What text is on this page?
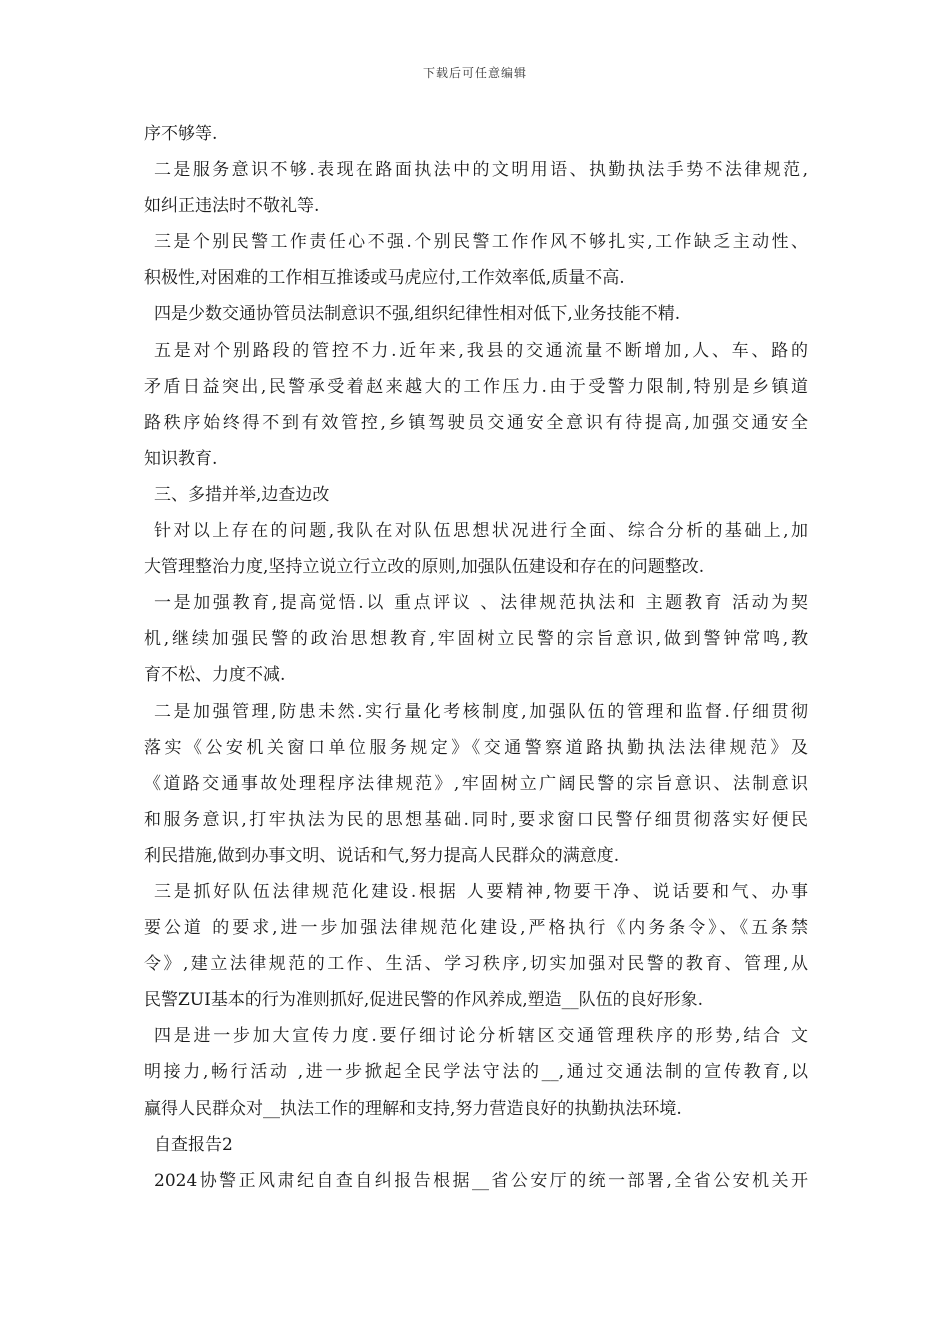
下载后可任意编辑
序不够等.
二是服务意识不够.表现在路面执法中的文明用语、执勤执法手势不法律规范,
如纠正违法时不敬礼等.
三是个别民警工作责任心不强.个别民警工作作风不够扎实,工作缺乏主动性、
积极性,对困难的工作相互推诿或马虎应付,工作效率低,质量不高.
四是少数交通协管员法制意识不强,组织纪律性相对低下,业务技能不精.
五是对个别路段的管控不力.近年来,我县的交通流量不断增加,人、车、路的
矛盾日益突出,民警承受着赵来越大的工作压力.由于受警力限制,特别是乡镇道
路秩序始终得不到有效管控,乡镇驾驶员交通安全意识有待提高,加强交通安全
知识教育.
三、多措并举,边查边改
针对以上存在的问题,我队在对队伍思想状况进行全面、综合分析的基础上,加
大管理整治力度,坚持立说立行立改的原则,加强队伍建设和存在的问题整改.
一是加强教育,提高觉悟.以 重点评议 、法律规范执法和 主题教育 活动为契
机,继续加强民警的政治思想教育,牢固树立民警的宗旨意识,做到警钟常鸣,教
育不松、力度不减.
二是加强管理,防患未然.实行量化考核制度,加强队伍的管理和监督.仔细贯彻
落实《公安机关窗口单位服务规定》《交通警察道路执勤执法法律规范》及
《道路交通事故处理程序法律规范》,牢固树立广阔民警的宗旨意识、法制意识
和服务意识,打牢执法为民的思想基础.同时,要求窗口民警仔细贯彻落实好便民
利民措施,做到办事文明、说话和气,努力提高人民群众的满意度.
三是抓好队伍法律规范化建设.根据 人要精神,物要干净、说话要和气、办事
要公道 的要求,进一步加强法律规范化建设,严格执行《内务条令》、《五条禁
令》,建立法律规范的工作、生活、学习秩序,切实加强对民警的教育、管理,从
民警ZUI基本的行为准则抓好,促进民警的作风养成,塑造__队伍的良好形象.
四是进一步加大宣传力度.要仔细讨论分析辖区交通管理秩序的形势,结合 文
明接力,畅行活动 ,进一步掀起全民学法守法的__,通过交通法制的宣传教育,以
赢得人民群众对__执法工作的理解和支持,努力营造良好的执勤执法环境.
自查报告2
2024协警正风肃纪自查自纠报告根据__省公安厅的统一部署,全省公安机关开
